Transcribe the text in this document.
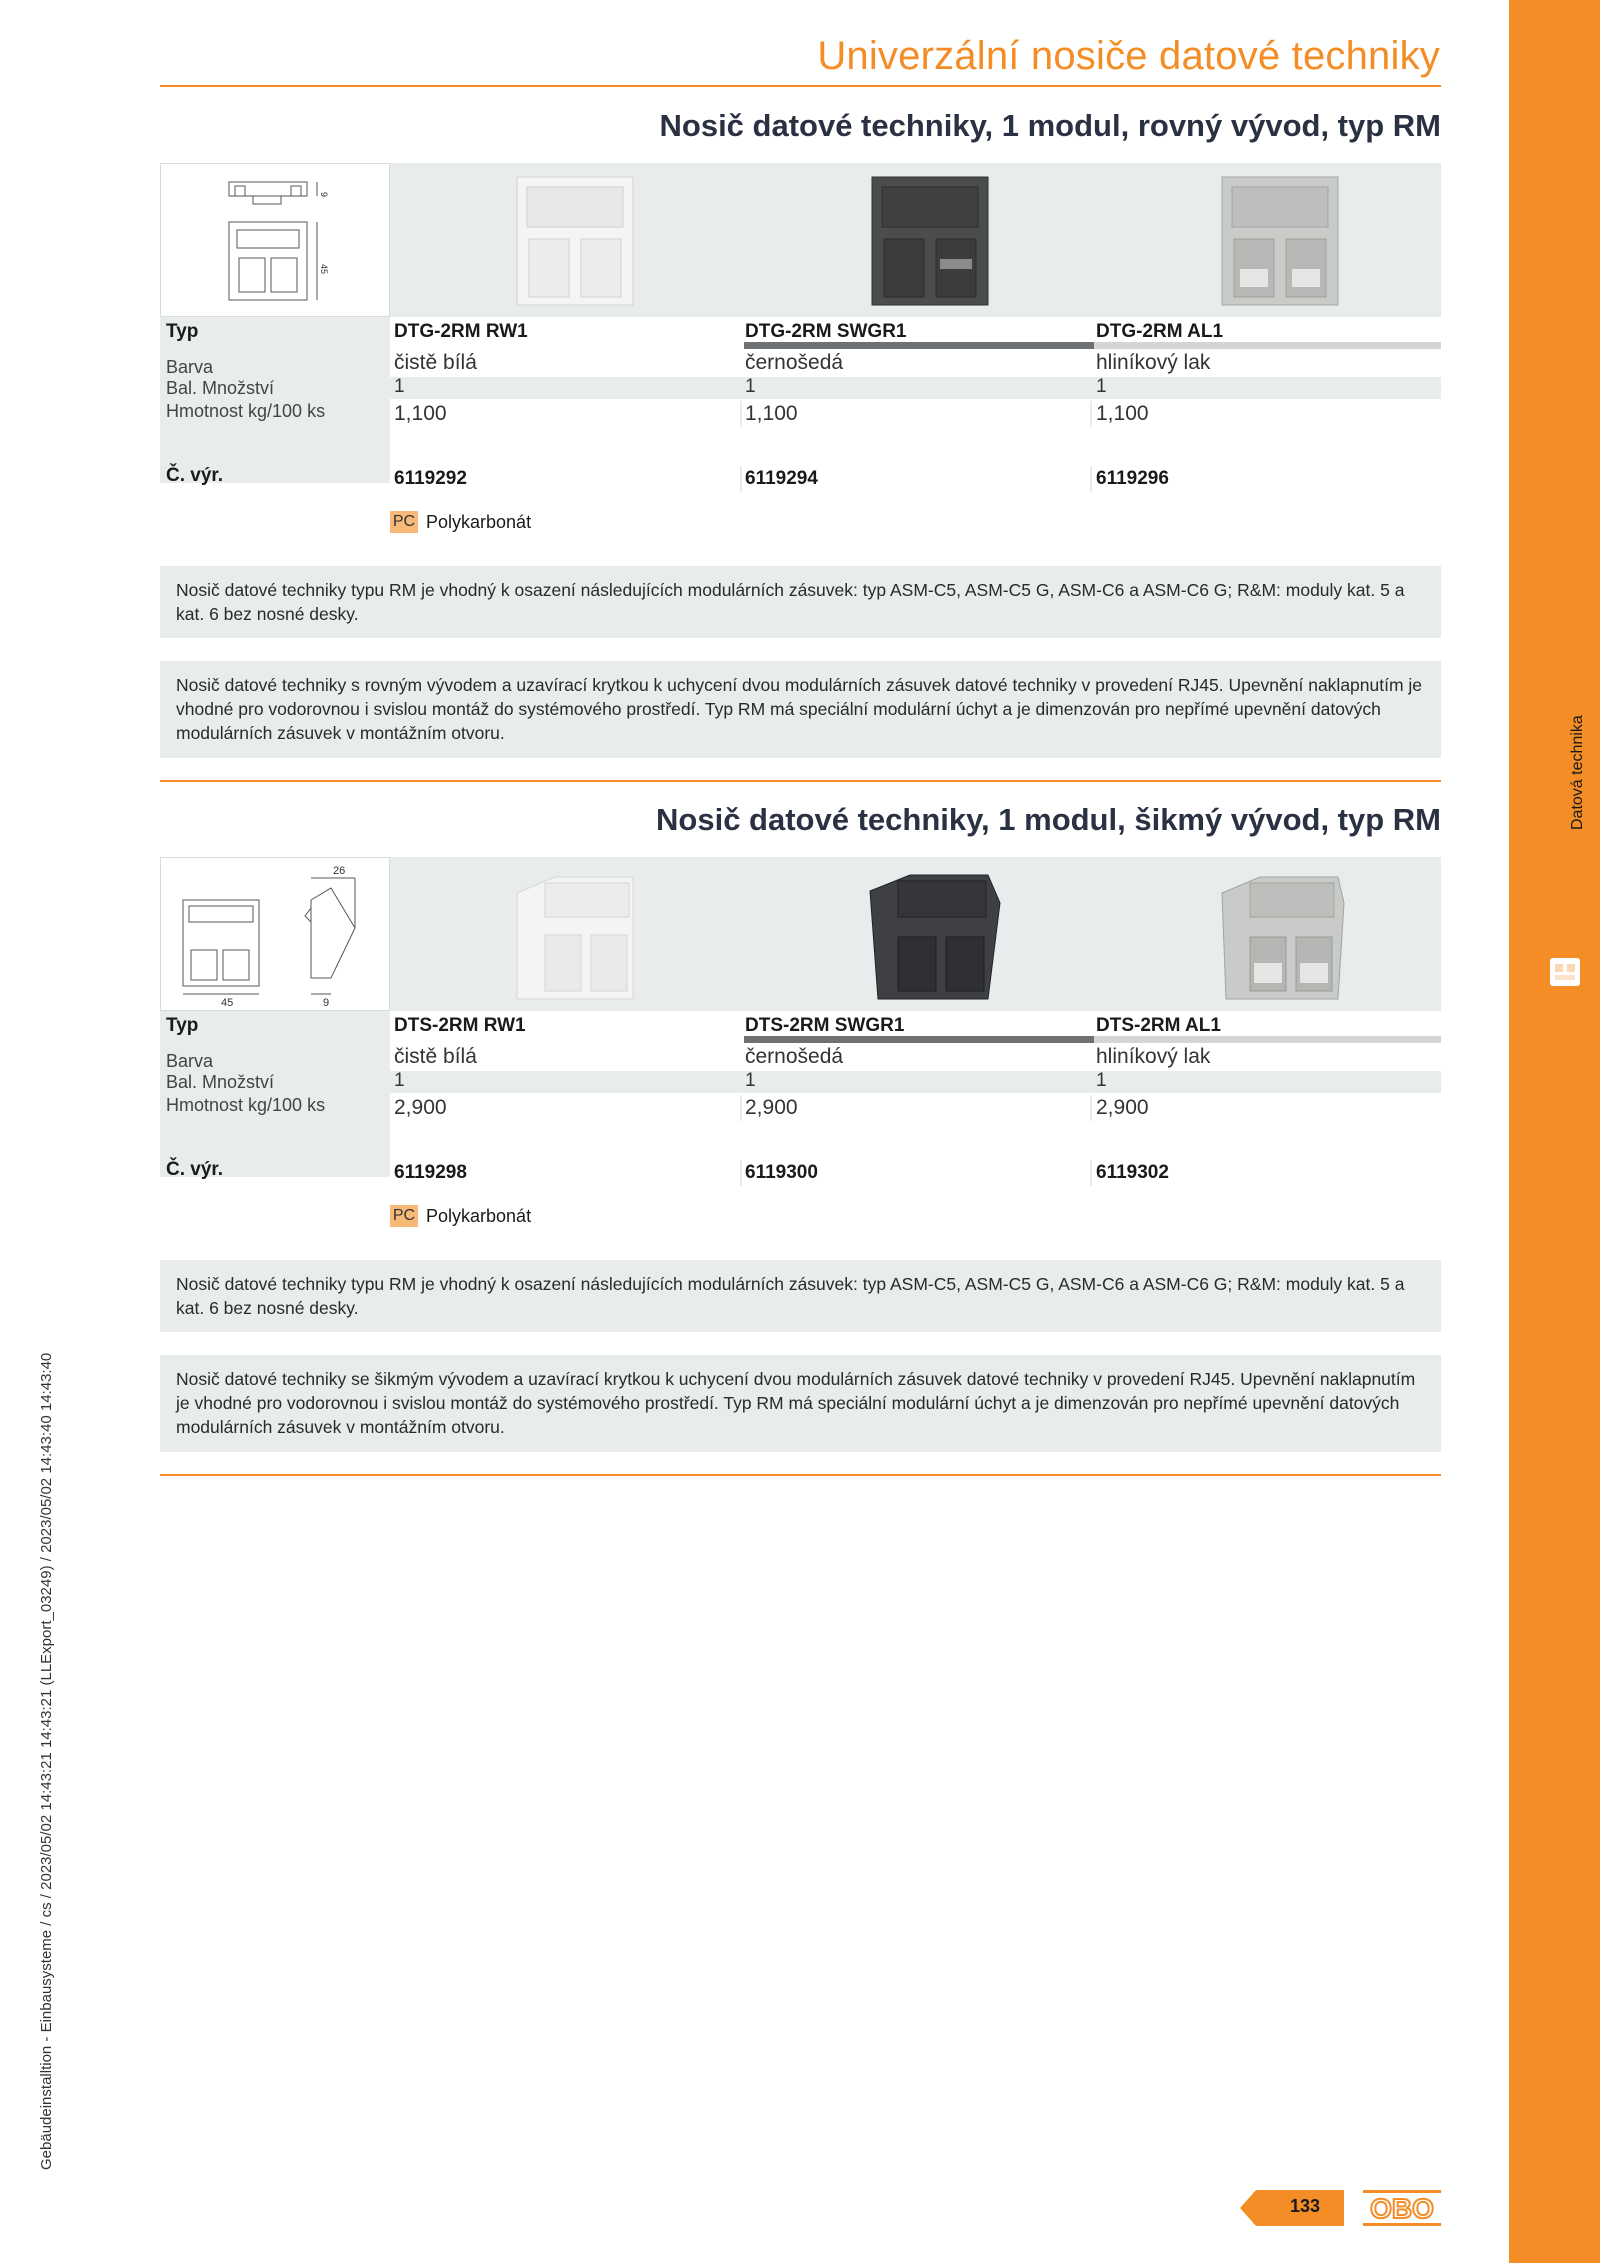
Datová technika
Gebäudeinstalltion - Einbausysteme / cs / 2023/05/02 14:43:21 14:43:21 (LLExport_03249) / 2023/05/02 14:43:40 14:43:40
Univerzální nosiče datové techniky
Nosič datové techniky, 1 modul, rovný vývod, typ RM
9
45
Typ	DTG-2RM RW1	DTG-2RM SWGR1	DTG-2RM AL1
Barva	čistě bílá	černošedá	hliníkový lak
Bal. Množství	1	1	1
Hmotnost kg/100 ks	1,100	1,100	1,100
Č. výr.	6119292	6119294	6119296
PC Polykarbonát
Nosič datové techniky typu RM je vhodný k osazení následujících modulárních zásuvek: typ ASM-C5, ASM-C5 G, ASM-C6 a ASM-C6 G; R&M: moduly kat. 5 a kat. 6 bez nosné desky.
Nosič datové techniky s rovným vývodem a uzavírací krytkou k uchycení dvou modulárních zásuvek datové techniky v provedení RJ45. Upevnění naklapnutím je vhodné pro vodorovnou i svislou montáž do systémového prostředí. Typ RM má speciální modulární úchyt a je dimenzován pro nepřímé upevnění datových modulárních zásuvek v montážním otvoru.
Nosič datové techniky, 1 modul, šikmý vývod, typ RM
45
26
9
Typ	DTS-2RM RW1	DTS-2RM SWGR1	DTS-2RM AL1
Barva	čistě bílá	černošedá	hliníkový lak
Bal. Množství	1	1	1
Hmotnost kg/100 ks	2,900	2,900	2,900
Č. výr.	6119298	6119300	6119302
PC Polykarbonát
Nosič datové techniky typu RM je vhodný k osazení následujících modulárních zásuvek: typ ASM-C5, ASM-C5 G, ASM-C6 a ASM-C6 G; R&M: moduly kat. 5 a kat. 6 bez nosné desky.
Nosič datové techniky se šikmým vývodem a uzavírací krytkou k uchycení dvou modulárních zásuvek datové techniky v provedení RJ45. Upevnění naklapnutím je vhodné pro vodorovnou i svislou montáž do systémového prostředí. Typ RM má speciální modulární úchyt a je dimenzován pro nepřímé upevnění datových modulárních zásuvek v montážním otvoru.
133	OBO
